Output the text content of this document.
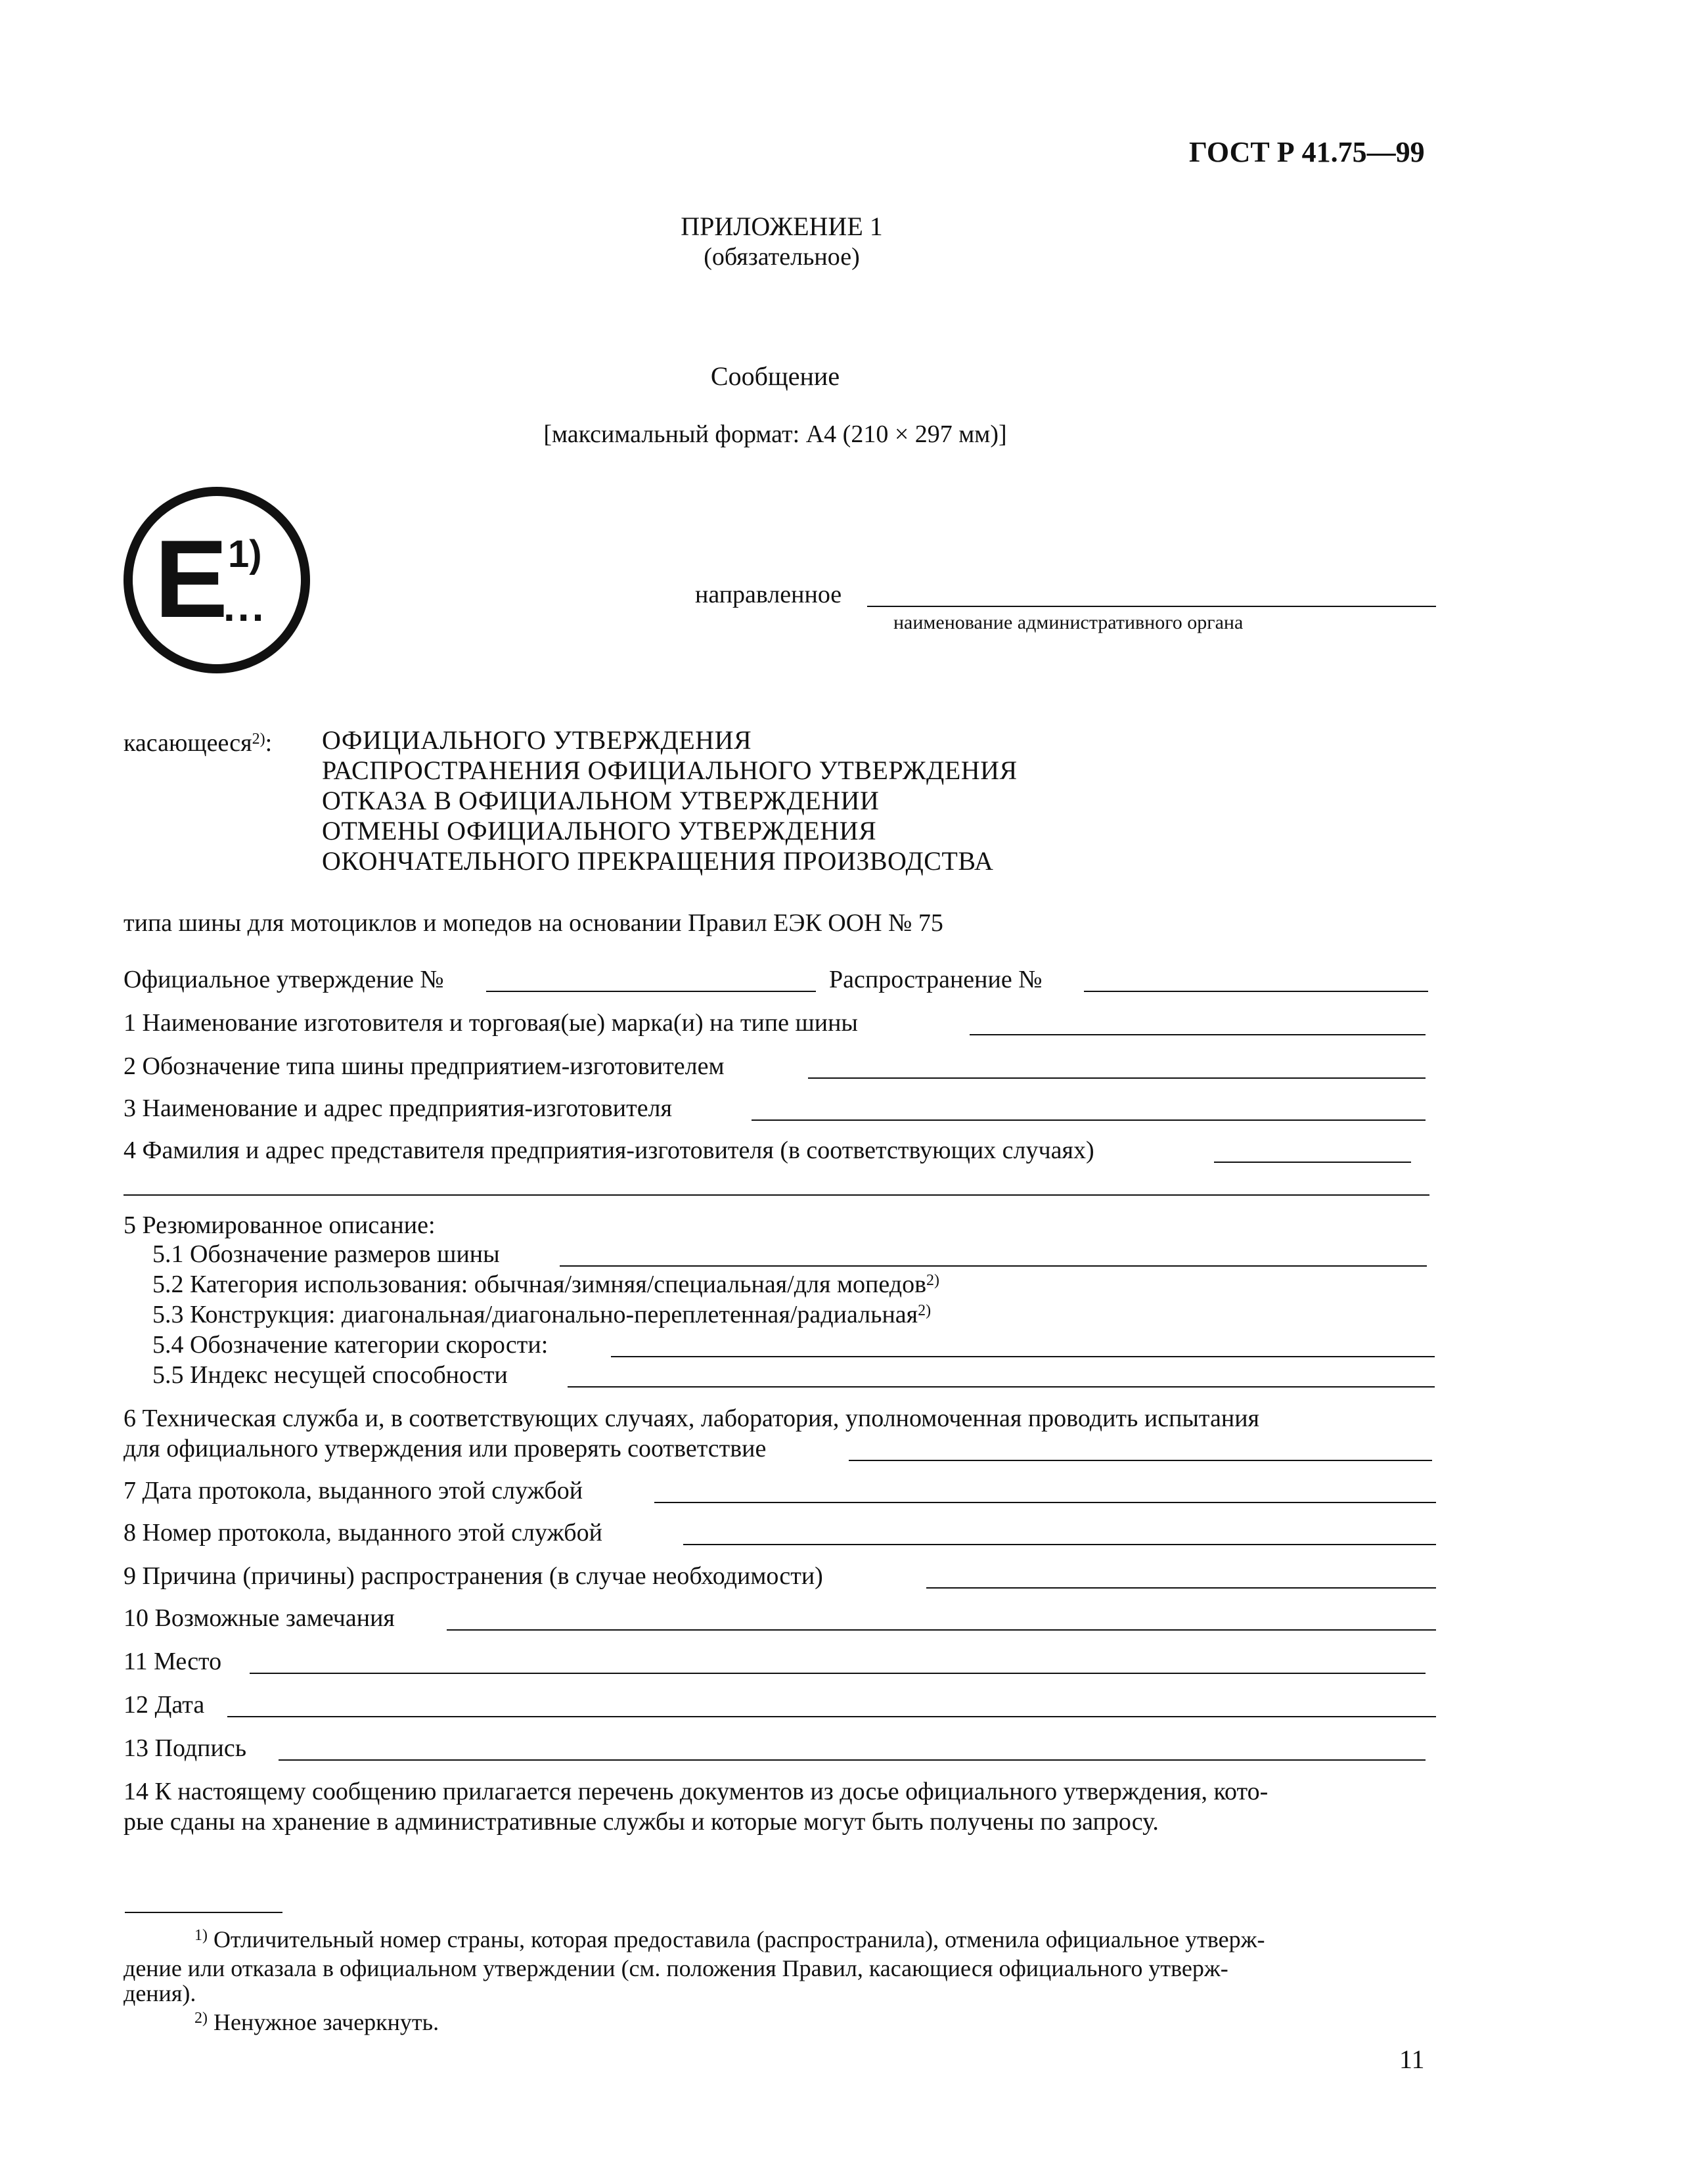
ГОСТ Р 41.75—99
ПРИЛОЖЕНИЕ 1
(обязательное)
Сообщение
[максимальный формат: А4 (210 × 297 мм)]
E 1)
...	направленное
наименование административного органа
касающееся$^{2)}$: ОФИЦИАЛЬНОГО УТВЕРЖДЕНИЯ
РАСПРОСТРАНЕНИЯ ОФИЦИАЛЬНОГО УТВЕРЖДЕНИЯ
ОТКАЗА В ОФИЦИАЛЬНОМ УТВЕРЖДЕНИИ
ОТМЕНЫ ОФИЦИАЛЬНОГО УТВЕРЖДЕНИЯ
ОКОНЧАТЕЛЬНОГО ПРЕКРАЩЕНИЯ ПРОИЗВОДСТВА
типа шины для мотоциклов и мопедов на основании Правил ЕЭК ООН № 75
Официальное утверждение №	Распространение №
1 Наименование изготовителя и торговая(ые) марка(и) на типе шины
2 Обозначение типа шины предприятием-изготовителем
3 Наименование и адрес предприятия-изготовителя
4 Фамилия и адрес представителя предприятия-изготовителя (в соответствующих случаях)
5 Резюмированное описание:
5.1 Обозначение размеров шины
5.2 Категория использования: обычная/зимняя/специальная/для мопедов$^{2)}$
5.3 Конструкция: диагональная/диагонально-переплетенная/радиальная$^{2)}$
5.4 Обозначение категории скорости:
5.5 Индекс несущей способности
6 Техническая служба и, в соответствующих случаях, лаборатория, уполномоченная проводить испытания
для официального утверждения или проверять соответствие
7 Дата протокола, выданного этой службой
8 Номер протокола, выданного этой службой
9 Причина (причины) распространения (в случае необходимости)
10 Возможные замечания
11 Место
12 Дата
13 Подпись
14 К настоящему сообщению прилагается перечень документов из досье официального утверждения, кото-
рые сданы на хранение в административные службы и которые могут быть получены по запросу.
$^{1)}$ Отличительный номер страны, которая предоставила (распространила), отменила официальное утверж-
дение или отказала в официальном утверждении (см. положения Правил, касающиеся официального утверж-
дения).
$^{2)}$ Ненужное зачеркнуть.
11
